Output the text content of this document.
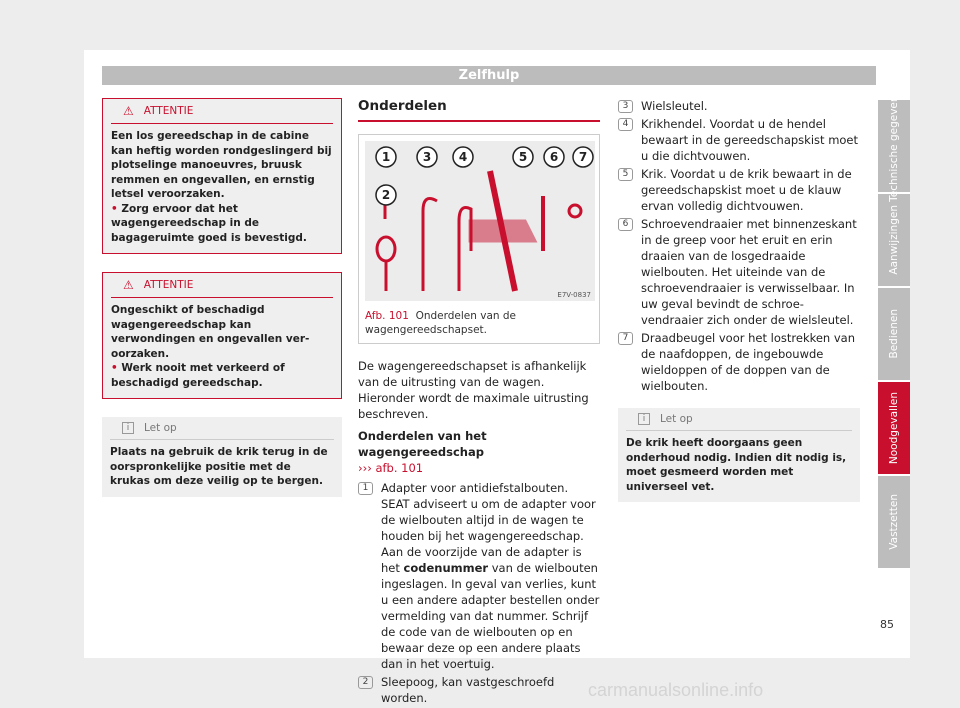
Zelfhulp
⚠ ATTENTIE
Een los gereedschap in de cabine kan heftig worden rondgeslingerd bij plotselinge manoeuvres, bruusk remmen en ongevallen, en ernstig letsel veroorzaken.
• Zorg ervoor dat het wagengereedschap in de bagageruimte goed is bevestigd.
⚠ ATTENTIE
Ongeschikt of beschadigd wagengereedschap kan verwondingen en ongevallen veroorzaken.
• Werk nooit met verkeerd of beschadigd gereedschap.
i	Let op
Plaats na gebruik de krik terug in de oorspronkelijke positie met de krukas om deze veilig op te bergen.
Onderdelen
1
2
3 4	5 6 7
E7V-0837
Afb. 101 Onderdelen van de wagengereedschapset.
De wagengereedschapset is afhankelijk van de uitrusting van de wagen. Hieronder wordt de maximale uitrusting beschreven.
Onderdelen van het wagengereedschap
››› afb. 101
1	Adapter voor antidiefstalbouten. SEAT adviseert u om de adapter voor de wielbouten altijd in de wagen te houden bij het wagengereedschap. Aan de voorzijde van de adapter is het codenummer van de wielbouten ingeslagen. In geval van verlies, kunt u een andere adapter bestellen onder vermelding van dat nummer. Schrijf de code van de wielbouten op en bewaar deze op een andere plaats dan in het voertuig.
2	Sleepoog, kan vastgeschroefd worden.
3	Wielsleutel.
4	Krikhendel. Voordat u de hendel bewaart in de gereedschapskist moet u die dichtvouwen.
5	Krik. Voordat u de krik bewaart in de gereedschapskist moet u de klauw ervan volledig dichtvouwen.
6	Schroevendraaier met binnenzeskant in de greep voor het eruit en erin draaien van de losgedraaide wielbouten. Het uiteinde van de schroevendraaier is verwisselbaar. In uw geval bevindt de schroevendraaier zich onder de wielsleutel.
7	Draadbeugel voor het lostrekken van de naafdoppen, de ingebouwde wieldoppen of de doppen van de wielbouten.
i	Let op
De krik heeft doorgaans geen onderhoud nodig. Indien dit nodig is, moet gesmeerd worden met universeel vet.
Technische gegevens
Aanwijzingen
Bedienen
Noodgevallen
Vastzetten
85
carmanualsonline.info
